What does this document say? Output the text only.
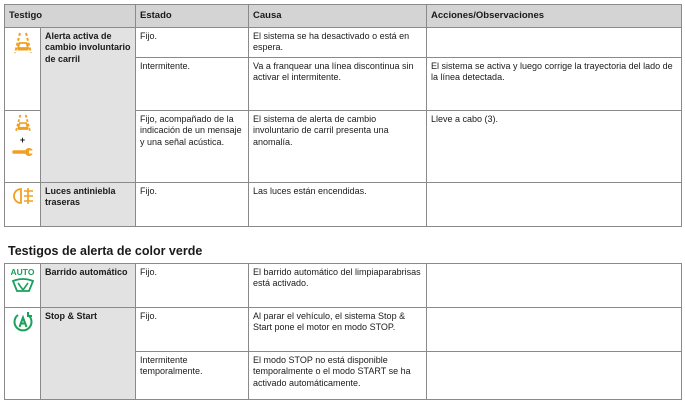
Testigo		Estado	Causa	Acciones/Observaciones

	Alerta activa de cambio involuntario de carril	Fijo.	El sistema se ha desactivado o está en espera.	
		Intermitente.	Va a franquear una línea discontinua sin activar el intermitente.	El sistema se activa y luego corrige la trayectoria del lado de la línea detectada.

+		Fijo, acompañado de la indicación de un mensaje y una señal acústica.	El sistema de alerta de cambio involuntario de carril presenta una anomalía.	Lleve a cabo (3).

	Luces antiniebla traseras	Fijo.	Las luces están encendidas.	
Testigos de alerta de color verde
AUTO	Barrido automático	Fijo.	El barrido automático del limpiaparabrisas está activado.	

	Stop & Start	Fijo.	Al parar el vehículo, el sistema Stop & Start pone el motor en modo STOP.	
		Intermitente temporalmente.	El modo STOP no está disponible temporalmente o el modo START se ha activado automáticamente.	
